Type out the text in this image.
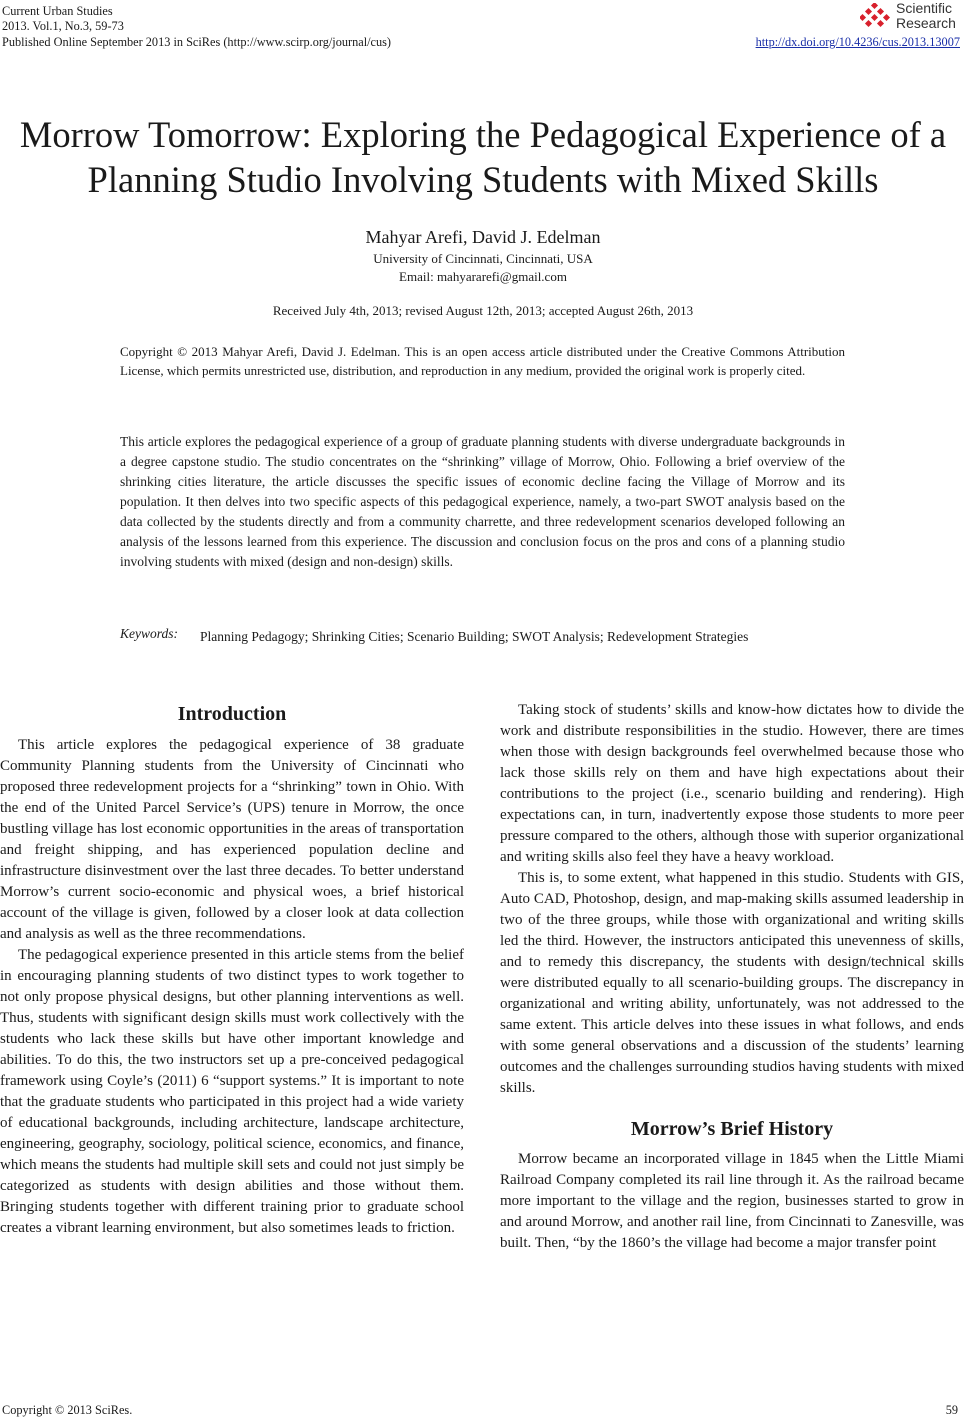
Current Urban Studies
2013. Vol.1, No.3, 59-73
Published Online September 2013 in SciRes (http://www.scirp.org/journal/cus)
Scientific
Research
http://dx.doi.org/10.4236/cus.2013.13007
Morrow Tomorrow: Exploring the Pedagogical Experience of a Planning Studio Involving Students with Mixed Skills
Mahyar Arefi, David J. Edelman
University of Cincinnati, Cincinnati, USA
Email: mahyararefi@gmail.com
Received July 4th, 2013; revised August 12th, 2013; accepted August 26th, 2013
Copyright © 2013 Mahyar Arefi, David J. Edelman. This is an open access article distributed under the Creative Commons Attribution License, which permits unrestricted use, distribution, and reproduction in any medium, provided the original work is properly cited.
This article explores the pedagogical experience of a group of graduate planning students with diverse undergraduate backgrounds in a degree capstone studio. The studio concentrates on the “shrinking” village of Morrow, Ohio. Following a brief overview of the shrinking cities literature, the article discusses the specific issues of economic decline facing the Village of Morrow and its population. It then delves into two specific aspects of this pedagogical experience, namely, a two-part SWOT analysis based on the data collected by the students directly and from a community charrette, and three redevelopment scenarios developed following an analysis of the lessons learned from this experience. The discussion and conclusion focus on the pros and cons of a planning studio involving students with mixed (design and non-design) skills.
Keywords: Planning Pedagogy; Shrinking Cities; Scenario Building; SWOT Analysis; Redevelopment Strategies
Introduction

This article explores the pedagogical experience of 38 graduate Community Planning students from the University of Cincinnati who proposed three redevelopment projects for a “shrinking” town in Ohio. With the end of the United Parcel Service’s (UPS) tenure in Morrow, the once bustling village has lost economic opportunities in the areas of transportation and freight shipping, and has experienced population decline and infrastructure disinvestment over the last three decades. To better understand Morrow’s current socio-economic and physical woes, a brief historical account of the village is given, followed by a closer look at data collection and analysis as well as the three recommendations.

The pedagogical experience presented in this article stems from the belief in encouraging planning students of two distinct types to work together to not only propose physical designs, but other planning interventions as well. Thus, students with significant design skills must work collectively with the students who lack these skills but have other important knowledge and abilities. To do this, the two instructors set up a pre-conceived pedagogical framework using Coyle’s (2011) 6 “support systems.” It is important to note that the graduate students who participated in this project had a wide variety of educational backgrounds, including architecture, landscape architecture, engineering, geography, sociology, political science, economics, and finance, which means the students had multiple skill sets and could not just simply be categorized as students with design abilities and those without them. Bringing students together with different training prior to graduate school creates a vibrant learning environment, but also sometimes leads to friction.

Taking stock of students’ skills and know-how dictates how to divide the work and distribute responsibilities in the studio. However, there are times when those with design backgrounds feel overwhelmed because those who lack those skills rely on them and have high expectations about their contributions to the project (i.e., scenario building and rendering). High expectations can, in turn, inadvertently expose those students to more peer pressure compared to the others, although those with superior organizational and writing skills also feel they have a heavy workload.

This is, to some extent, what happened in this studio. Students with GIS, Auto CAD, Photoshop, design, and map-making skills assumed leadership in two of the three groups, while those with organizational and writing skills led the third. However, the instructors anticipated this unevenness of skills, and to remedy this discrepancy, the students with design/technical skills were distributed equally to all scenario-building groups. The discrepancy in organizational and writing ability, unfortunately, was not addressed to the same extent. This article delves into these issues in what follows, and ends with some general observations and a discussion of the students’ learning outcomes and the challenges surrounding studios having students with mixed skills.

Morrow’s Brief History

Morrow became an incorporated village in 1845 when the Little Miami Railroad Company completed its rail line through it. As the railroad became more important to the village and the region, businesses started to grow in and around Morrow, and another rail line, from Cincinnati to Zanesville, was built. Then, “by the 1860’s the village had become a major transfer point

Copyright © 2013 SciRes.	59
